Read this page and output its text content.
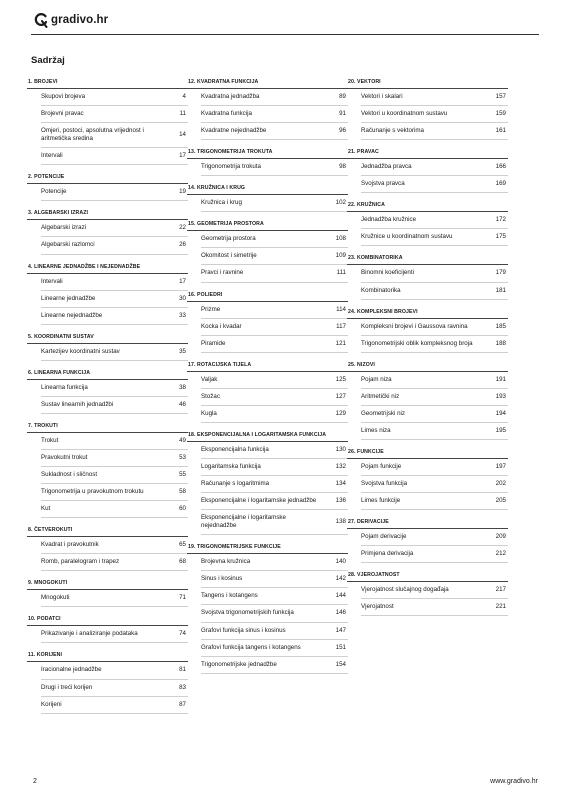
gradivo.hr
Sadržaj
1. BROJEVI
Skupovi brojeva	4
Brojevni pravac	11
Omjeri, postoci, apsolutna vrijednost i aritmetička sredina
14
Intervali	17
2. POTENCIJE
Potencije	19
3. ALGEBARSKI IZRAZI
Algebarski izrazi	22
Algebarski razlomci	26
4. LINEARNE JEDNADŽBE I NEJEDNADŽBE
Intervali	17
Linearne jednadžbe	30
Linearne nejednadžbe	33
5. KOORDINATNI SUSTAV
Kartezijev koordinatni sustav	35
6. LINEARNA FUNKCIJA
Linearna funkcija	38
Sustav linearnih jednadžbi	46
7. TROKUTI
Trokut	49
Pravokutni trokut	53
Sukladnost i sličnost	55
Trigonometrija u pravokutnom trokutu	58
Kut	60
8. ČETVEROKUTI
Kvadrat i pravokutnik	65
Romb, paralelogram i trapez	68
9. MNOGOKUTI
Mnogokuti	71
10. PODATCI
Prikazivanje i analiziranje podataka	74
11. KORIJENI
Iracionalne jednadžbe	81
Drugi i treći korijen	83
Korijeni	87
12. KVADRATNA FUNKCIJA
Kvadratna jednadžba	89
Kvadratna funkcija	91
Kvadratne nejednadžbe	96
13. TRIGONOMETRIJA TROKUTA
Trigonometrija trokuta	98
14. KRUŽNICA I KRUG
Kružnica i krug	102
15. GEOMETRIJA PROSTORA
Geometrija prostora	108
Okomitost i simetrije	109
Pravci i ravnine	111
16. POLIEDRI
Prizme	114
Kocka i kvadar	117
Piramide	121
17. ROTACIJSKA TIJELA
Valjak	125
Stožac	127
Kugla	129
18. EKSPONENCIJALNA I LOGARITAMSKA FUNKCIJA
Eksponencijalna funkcija	130
Logaritamska funkcija	132
Računanje s logaritmima	134
Eksponencijalne i logaritamske jednadžbe	136
Eksponencijalne i logaritamske nejednadžbe
138
19. TRIGONOMETRIJSKE FUNKCIJE
Brojevna kružnica	140
Sinus i kosinus	142
Tangens i kotangens	144
Svojstva trigonometrijskih funkcija	146
Grafovi funkcija sinus i kosinus	147
Grafovi funkcija tangens i kotangens	151
Trigonometrijske jednadžbe	154
20. VEKTORI
Vektori i skalari	157
Vektori u koordinatnom sustavu	159
Računanje s vektorima	161
21. PRAVAC
Jednadžba pravca	166
Svojstva pravca	169
22. KRUŽNICA
Jednadžba kružnice	172
Kružnice u koordinatnom sustavu	175
23. KOMBINATORIKA
Binomni koeficijenti	179
Kombinatorika	181
24. KOMPLEKSNI BROJEVI
Kompleksni brojevi i Gaussova ravnina	185
Trigonometrijski oblik kompleksnog broja	188
25. NIZOVI
Pojam niza	191
Aritmetički niz	193
Geometrijski niz	194
Limes niza	195
26. FUNKCIJE
Pojam funkcije	197
Svojstva funkcija	202
Limes funkcije	205
27. DERIVACIJE
Pojam derivacije	209
Primjena derivacija	212
28. VJEROJATNOST
Vjerojatnost slučajnog događaja	217
Vjerojatnost	221
2	www.gradivo.hr
